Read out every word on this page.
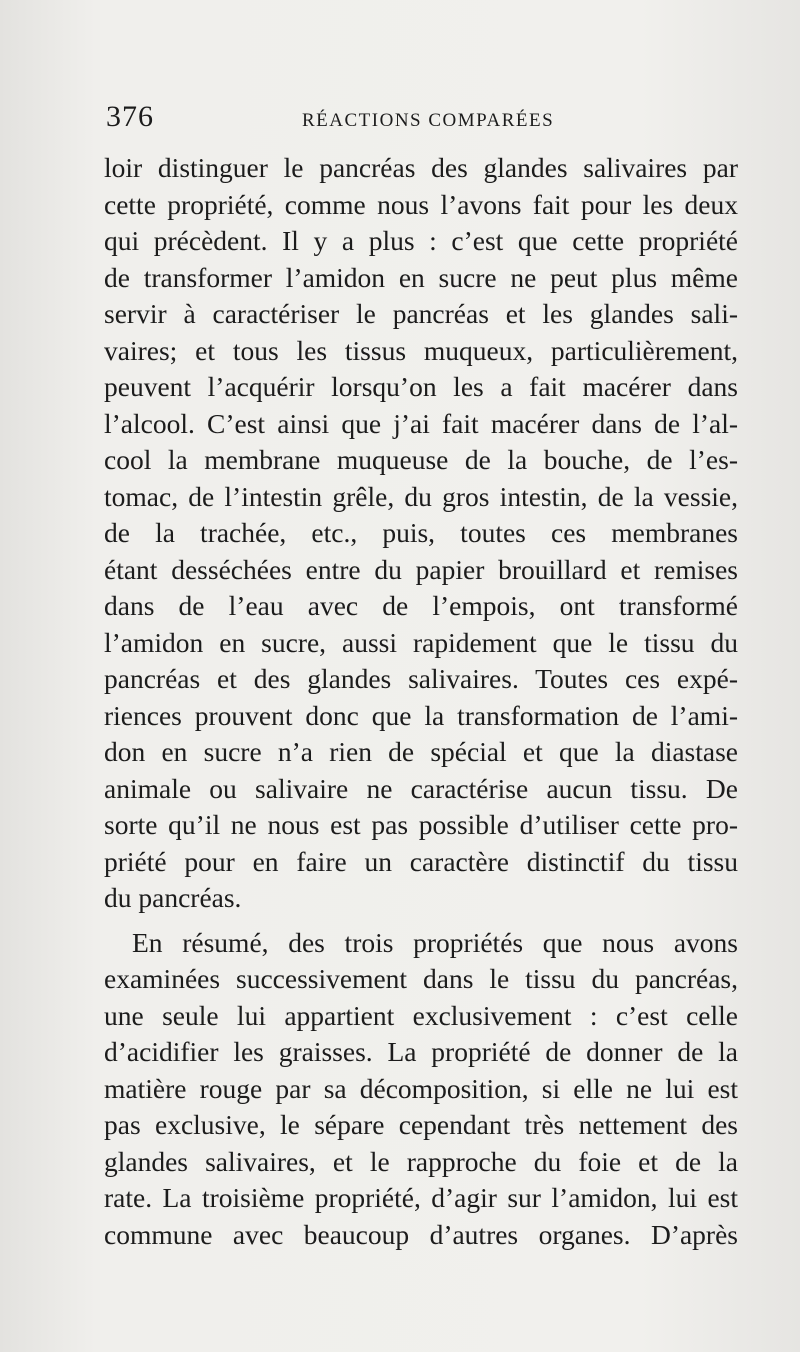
376	RÉACTIONS COMPARÉES
loir distinguer le pancréas des glandes salivaires par
cette propriété, comme nous l’avons fait pour les deux
qui précèdent. Il y a plus : c’est que cette propriété
de transformer l’amidon en sucre ne peut plus même
servir à caractériser le pancréas et les glandes sali-
vaires; et tous les tissus muqueux, particulièrement,
peuvent l’acquérir lorsqu’on les a fait macérer dans
l’alcool. C’est ainsi que j’ai fait macérer dans de l’al-
cool la membrane muqueuse de la bouche, de l’es-
tomac, de l’intestin grêle, du gros intestin, de la vessie,
de la trachée, etc., puis, toutes ces membranes
étant desséchées entre du papier brouillard et remises
dans de l’eau avec de l’empois, ont transformé
l’amidon en sucre, aussi rapidement que le tissu du
pancréas et des glandes salivaires. Toutes ces expé-
riences prouvent donc que la transformation de l’ami-
don en sucre n’a rien de spécial et que la diastase
animale ou salivaire ne caractérise aucun tissu. De
sorte qu’il ne nous est pas possible d’utiliser cette pro-
priété pour en faire un caractère distinctif du tissu
du pancréas.
En résumé, des trois propriétés que nous avons
examinées successivement dans le tissu du pancréas,
une seule lui appartient exclusivement : c’est celle
d’acidifier les graisses. La propriété de donner de la
matière rouge par sa décomposition, si elle ne lui est
pas exclusive, le sépare cependant très nettement des
glandes salivaires, et le rapproche du foie et de la
rate. La troisième propriété, d’agir sur l’amidon, lui est
commune avec beaucoup d’autres organes. D’après
